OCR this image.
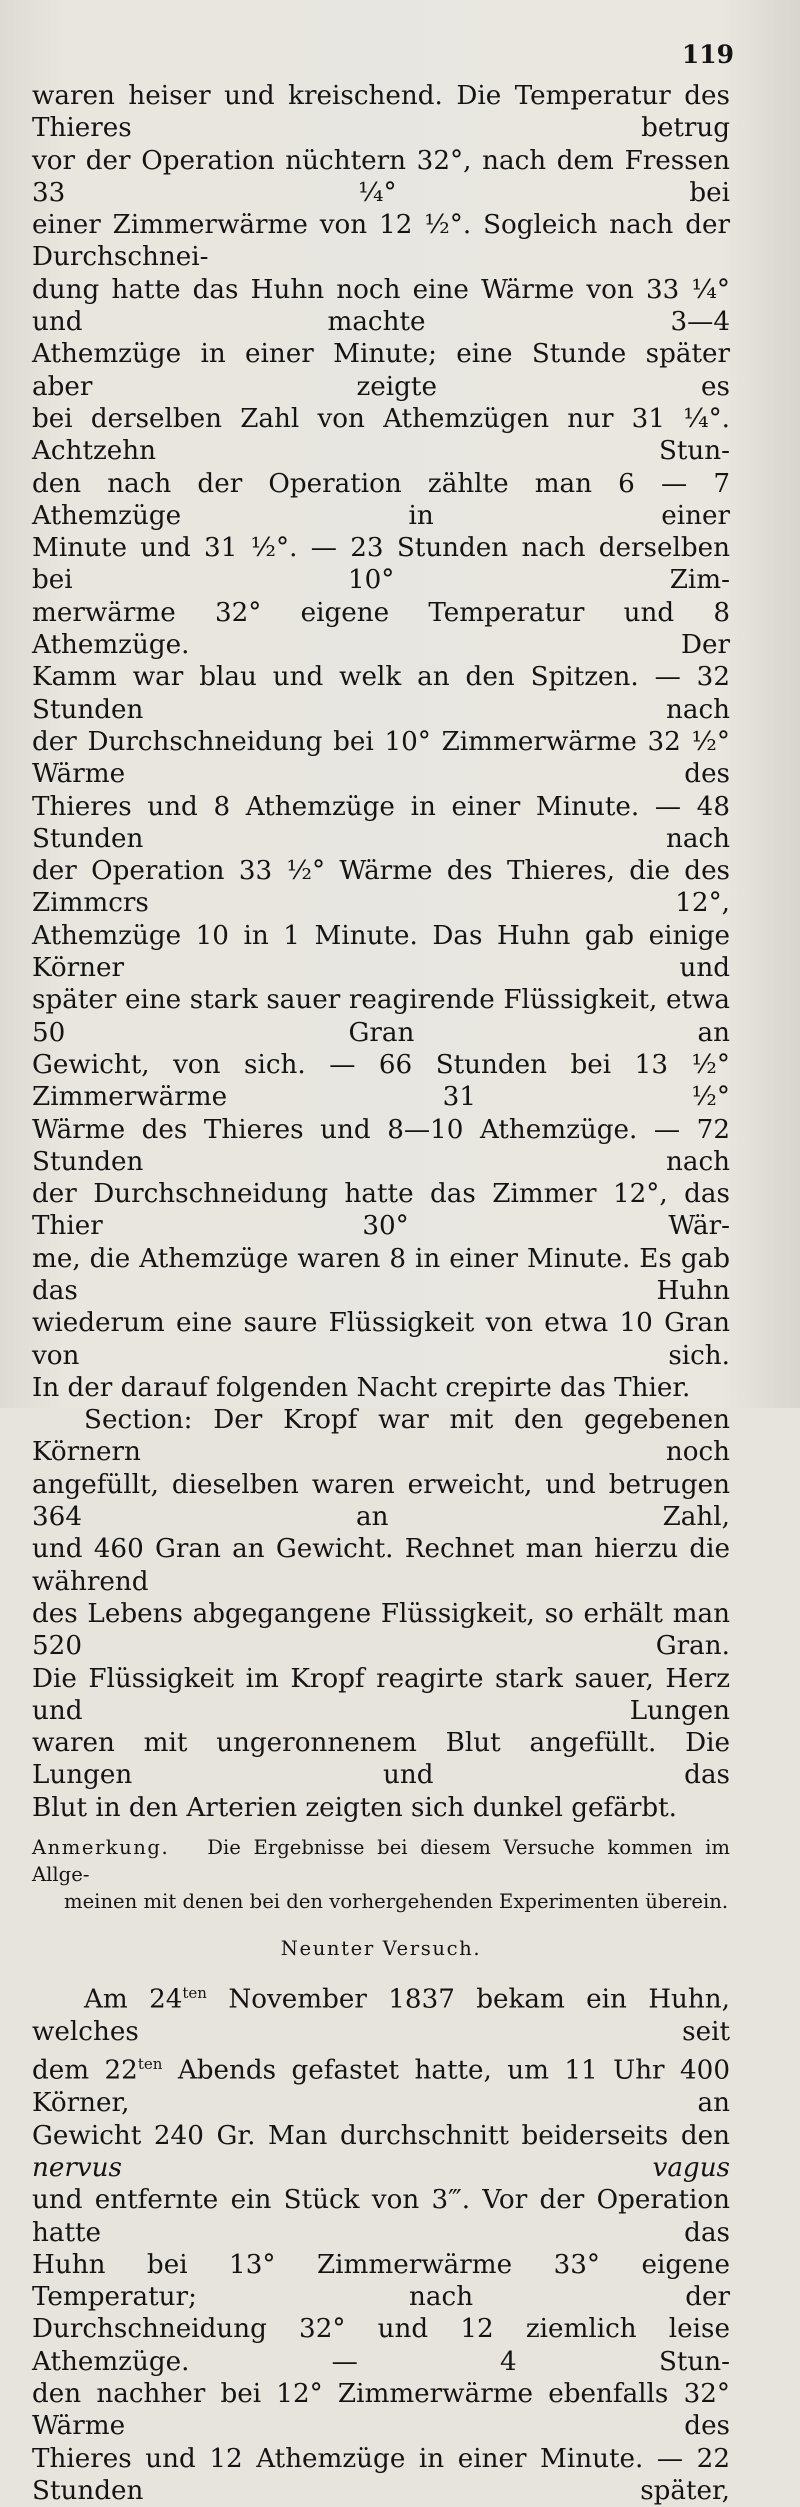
119
waren heiser und kreischend. Die Temperatur des Thieres betrug
vor der Operation nüchtern 32°, nach dem Fressen 33 ¼° bei
einer Zimmerwärme von 12 ½°. Sogleich nach der Durchschnei-
dung hatte das Huhn noch eine Wärme von 33 ¼° und machte 3—4
Athemzüge in einer Minute; eine Stunde später aber zeigte es
bei derselben Zahl von Athemzügen nur 31 ¼°. Achtzehn Stun-
den nach der Operation zählte man 6 — 7 Athemzüge in einer
Minute und 31 ½°. — 23 Stunden nach derselben bei 10° Zim-
merwärme 32° eigene Temperatur und 8 Athemzüge. Der
Kamm war blau und welk an den Spitzen. — 32 Stunden nach
der Durchschneidung bei 10° Zimmerwärme 32 ½° Wärme des
Thieres und 8 Athemzüge in einer Minute. — 48 Stunden nach
der Operation 33 ½° Wärme des Thieres, die des Zimmcrs 12°,
Athemzüge 10 in 1 Minute. Das Huhn gab einige Körner und
später eine stark sauer reagirende Flüssigkeit, etwa 50 Gran an
Gewicht, von sich. — 66 Stunden bei 13 ½° Zimmerwärme 31 ½°
Wärme des Thieres und 8—10 Athemzüge. — 72 Stunden nach
der Durchschneidung hatte das Zimmer 12°, das Thier 30° Wär-
me, die Athemzüge waren 8 in einer Minute. Es gab das Huhn
wiederum eine saure Flüssigkeit von etwa 10 Gran von sich.
In der darauf folgenden Nacht crepirte das Thier.
Section: Der Kropf war mit den gegebenen Körnern noch
angefüllt, dieselben waren erweicht, und betrugen 364 an Zahl,
und 460 Gran an Gewicht. Rechnet man hierzu die während
des Lebens abgegangene Flüssigkeit, so erhält man 520 Gran.
Die Flüssigkeit im Kropf reagirte stark sauer, Herz und Lungen
waren mit ungeronnenem Blut angefüllt. Die Lungen und das
Blut in den Arterien zeigten sich dunkel gefärbt.
Anmerkung. Die Ergebnisse bei diesem Versuche kommen im Allge-
meinen mit denen bei den vorhergehenden Experimenten überein.
Neunter Versuch.
Am $24^{ten}$ November 1837 bekam ein Huhn, welches seit
dem $22^{ten}$ Abends gefastet hatte, um 11 Uhr 400 Körner, an
Gewicht 240 Gr. Man durchschnitt beiderseits den nervus vagus
und entfernte ein Stück von 3‴. Vor der Operation hatte das
Huhn bei 13° Zimmerwärme 33° eigene Temperatur; nach der
Durchschneidung 32° und 12 ziemlich leise Athemzüge. — 4 Stun-
den nachher bei 12° Zimmerwärme ebenfalls 32° Wärme des
Thieres und 12 Athemzüge in einer Minute. — 22 Stunden später,
